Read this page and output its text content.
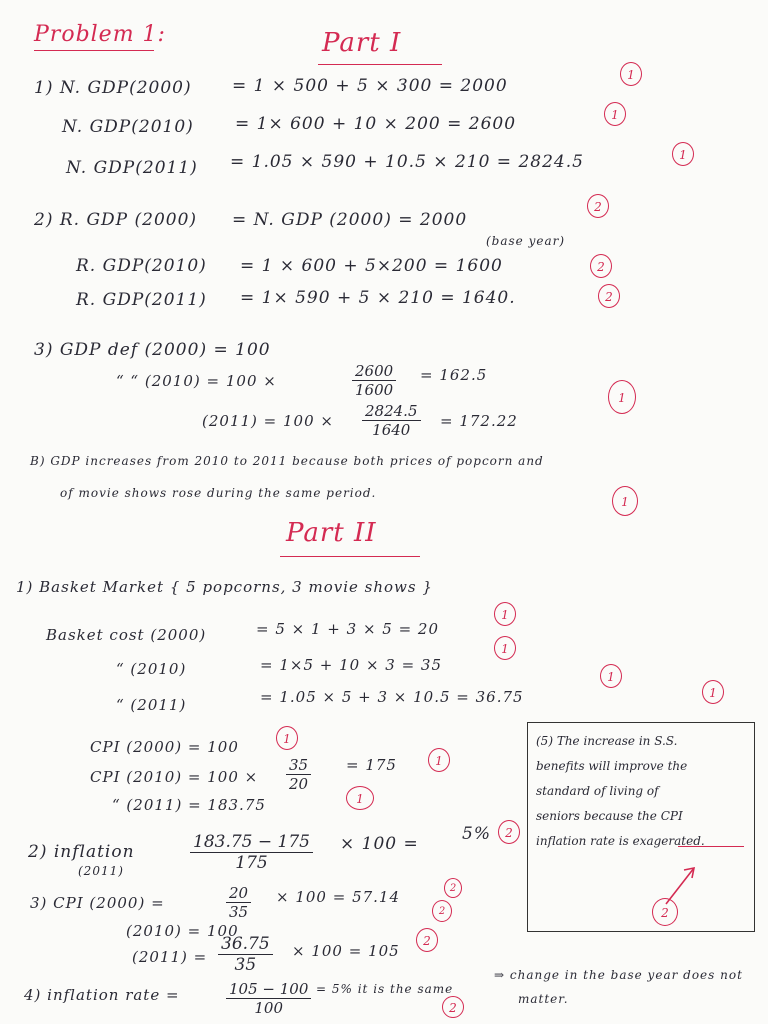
Problem 1:	Part I
1) N. GDP(2000) = 1 × 500 + 5 × 300 = 2000
1
N. GDP(2010) = 1× 600 + 10 × 200 = 2600	1
N. GDP(2011) = 1.05 × 590 + 10.5 × 210 = 2824.5	1
2) R. GDP (2000) = N. GDP (2000) = 2000
2
(base year)
R. GDP(2010) = 1 × 600 + 5×200 = 1600	2
R. GDP(2011) = 1× 590 + 5 × 210 = 1640.	2
3) GDP def (2000) = 100
“ “ (2010) = 100 ×	$\frac{2600}{1600} = 162.5$
$(2011) = 100 \times \frac{2824.5}{1640} = 172.22$
1
B) GDP increases from 2010 to 2011 because both prices of popcorn and
of movie shows rose during the same period.
1
Part II
1) Basket Market { 5 popcorns, 3 movie shows }
Basket cost (2000)	= 5 × 1 + 3 × 5 = 20
1
“ (2010)	= 1×5 + 10 × 3 = 35
1
“ (2011)	= 1.05 × 5 + 3 × 10.5 = 36.75
1
CPI (2000) = 100	1
CPI $(2010) = 100 \times \frac{35}{20} = 175$	1
“ (2011) = 183.75	1
2) inflation
(2011)	$\frac{183.75 - 175}{175} \times 100$ =	5%	2
3) CPI (2000) =	$\frac{20}{35} \times 100 = 57.14$	2
2
(2010) = 100
$(2011) = \frac{36.75}{35} \times 100 = 105$
2
4) inflation rate =	$\frac{105 - 100}{100} = 5\%$ it is the same
2
⇒ change in the base year does not
matter.
1
(5) The increase in S.S.
benefits will improve the
standard of living of
seniors because the CPI
inflation rate is exagerated.
2
